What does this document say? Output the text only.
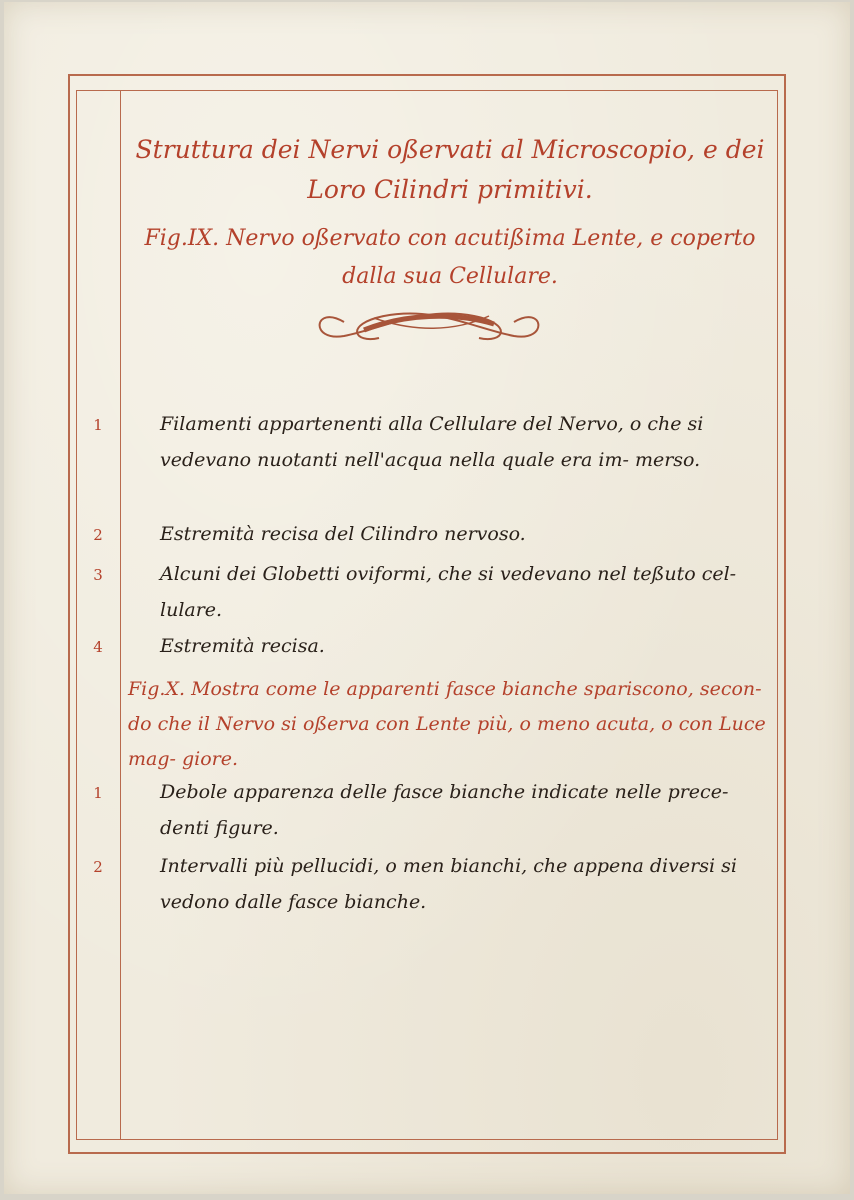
Struttura dei Nervi oßervati al Microscopio, e dei Loro Cilindri primitivi.
Fig.IX. Nervo oßervato con acutißima Lente, e coperto dalla sua Cellulare.
1	Filamenti appartenenti alla Cellulare del Nervo, o che si vedevano nuotanti nell'acqua nella quale era im- merso.
2	Estremità recisa del Cilindro nervoso.
3	Alcuni dei Globetti oviformi, che si vedevano nel teßuto cel- lulare.
4	Estremità recisa.
Fig.X. Mostra come le apparenti fasce bianche spariscono, secon- do che il Nervo si oßerva con Lente più, o meno acuta, o con Luce mag- giore.
1	Debole apparenza delle fasce bianche indicate nelle prece- denti figure.
2	Intervalli più pellucidi, o men bianchi, che appena diversi si vedono dalle fasce bianche.
